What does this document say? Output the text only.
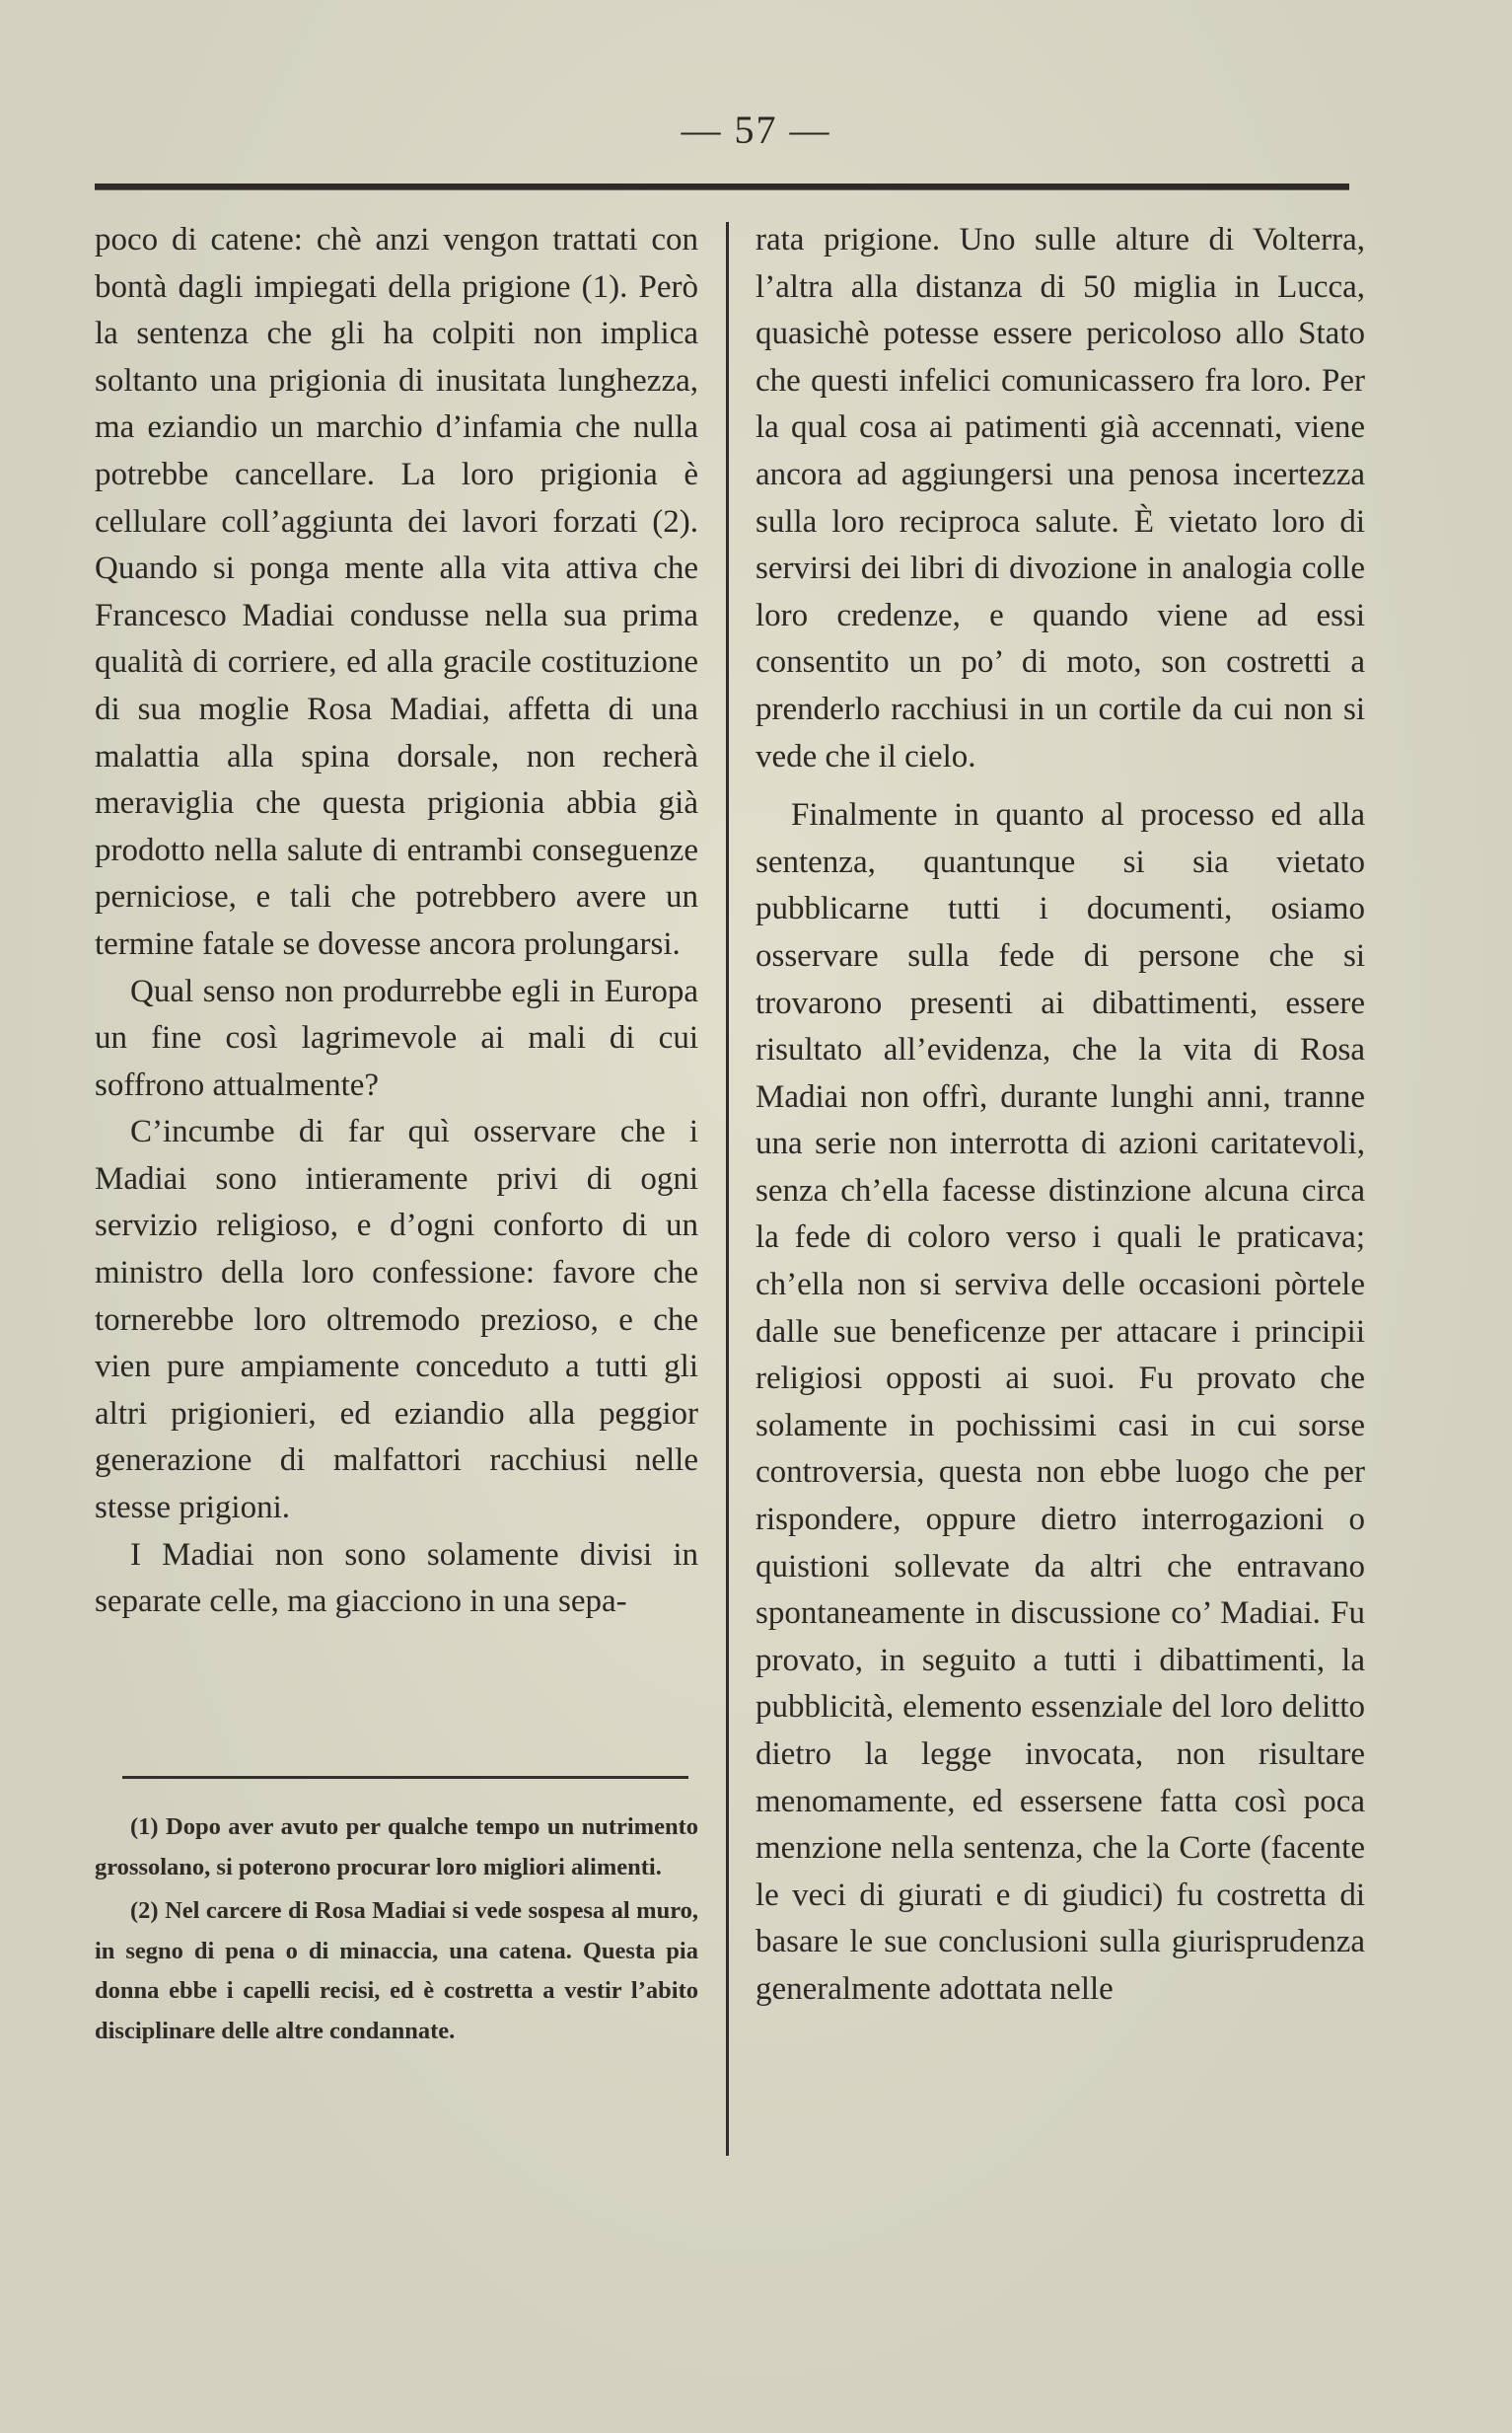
— 57 —

poco di catene: chè anzi vengon trattati con bontà dagli impiegati della prigione (1). Però la sentenza che gli ha colpiti non implica soltanto una prigionia di inusitata lunghezza, ma eziandio un marchio d’infamia che nulla potrebbe cancellare. La loro prigionia è cellulare coll’aggiunta dei lavori forzati (2). Quando si ponga mente alla vita attiva che Francesco Madiai condusse nella sua prima qualità di corriere, ed alla gracile costituzione di sua moglie Rosa Madiai, affetta di una malattia alla spina dorsale, non recherà meraviglia che questa prigionia abbia già prodotto nella salute di entrambi conseguenze perniciose, e tali che potrebbero avere un termine fatale se dovesse ancora prolungarsi.

Qual senso non produrrebbe egli in Europa un fine così lagrimevole ai mali di cui soffrono attualmente?

C’incumbe di far quì osservare che i Madiai sono intieramente privi di ogni servizio religioso, e d’ogni conforto di un ministro della loro confessione: favore che tornerebbe loro oltremodo prezioso, e che vien pure ampiamente conceduto a tutti gli altri prigionieri, ed eziandio alla peggior generazione di malfattori racchiusi nelle stesse prigioni.

I Madiai non sono solamente divisi in separate celle, ma giacciono in una sepa-

(1) Dopo aver avuto per qualche tempo un nutrimento grossolano, si poterono procurar loro migliori alimenti.

(2) Nel carcere di Rosa Madiai si vede sospesa al muro, in segno di pena o di minaccia, una catena. Questa pia donna ebbe i capelli recisi, ed è costretta a vestir l’abito disciplinare delle altre condannate.

rata prigione. Uno sulle alture di Volterra, l’altra alla distanza di 50 miglia in Lucca, quasichè potesse essere pericoloso allo Stato che questi infelici comunicassero fra loro. Per la qual cosa ai patimenti già accennati, viene ancora ad aggiungersi una penosa incertezza sulla loro reciproca salute. È vietato loro di servirsi dei libri di divozione in analogia colle loro credenze, e quando viene ad essi consentito un po’ di moto, son costretti a prenderlo racchiusi in un cortile da cui non si vede che il cielo.

Finalmente in quanto al processo ed alla sentenza, quantunque si sia vietato pubblicarne tutti i documenti, osiamo osservare sulla fede di persone che si trovarono presenti ai dibattimenti, essere risultato all’evidenza, che la vita di Rosa Madiai non offrì, durante lunghi anni, tranne una serie non interrotta di azioni caritatevoli, senza ch’ella facesse distinzione alcuna circa la fede di coloro verso i quali le praticava; ch’ella non si serviva delle occasioni pòrtele dalle sue beneficenze per attacare i principii religiosi opposti ai suoi. Fu provato che solamente in pochissimi casi in cui sorse controversia, questa non ebbe luogo che per rispondere, oppure dietro interrogazioni o quistioni sollevate da altri che entravano spontaneamente in discussione co’ Madiai. Fu provato, in seguito a tutti i dibattimenti, la pubblicità, elemento essenziale del loro delitto dietro la legge invocata, non risultare menomamente, ed essersene fatta così poca menzione nella sentenza, che la Corte (facente le veci di giurati e di giudici) fu costretta di basare le sue conclusioni sulla giurisprudenza generalmente adottata nelle
